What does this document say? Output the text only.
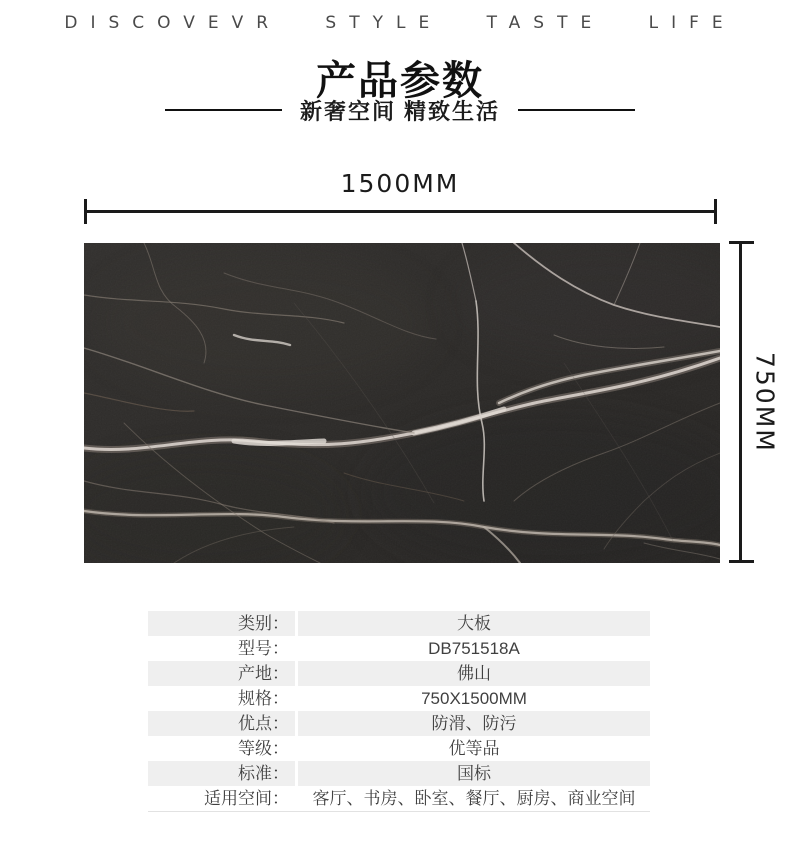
DISCOVEVR STYLE TASTE LIFE
产品参数
新奢空间 精致生活
1500MM
750MM
类别：	大板
型号：	DB751518A
产地：	佛山
规格：	750X1500MM
优点：	防滑、防污
等级：	优等品
标准：	国标
适用空间：	客厅、书房、卧室、餐厅、厨房、商业空间
